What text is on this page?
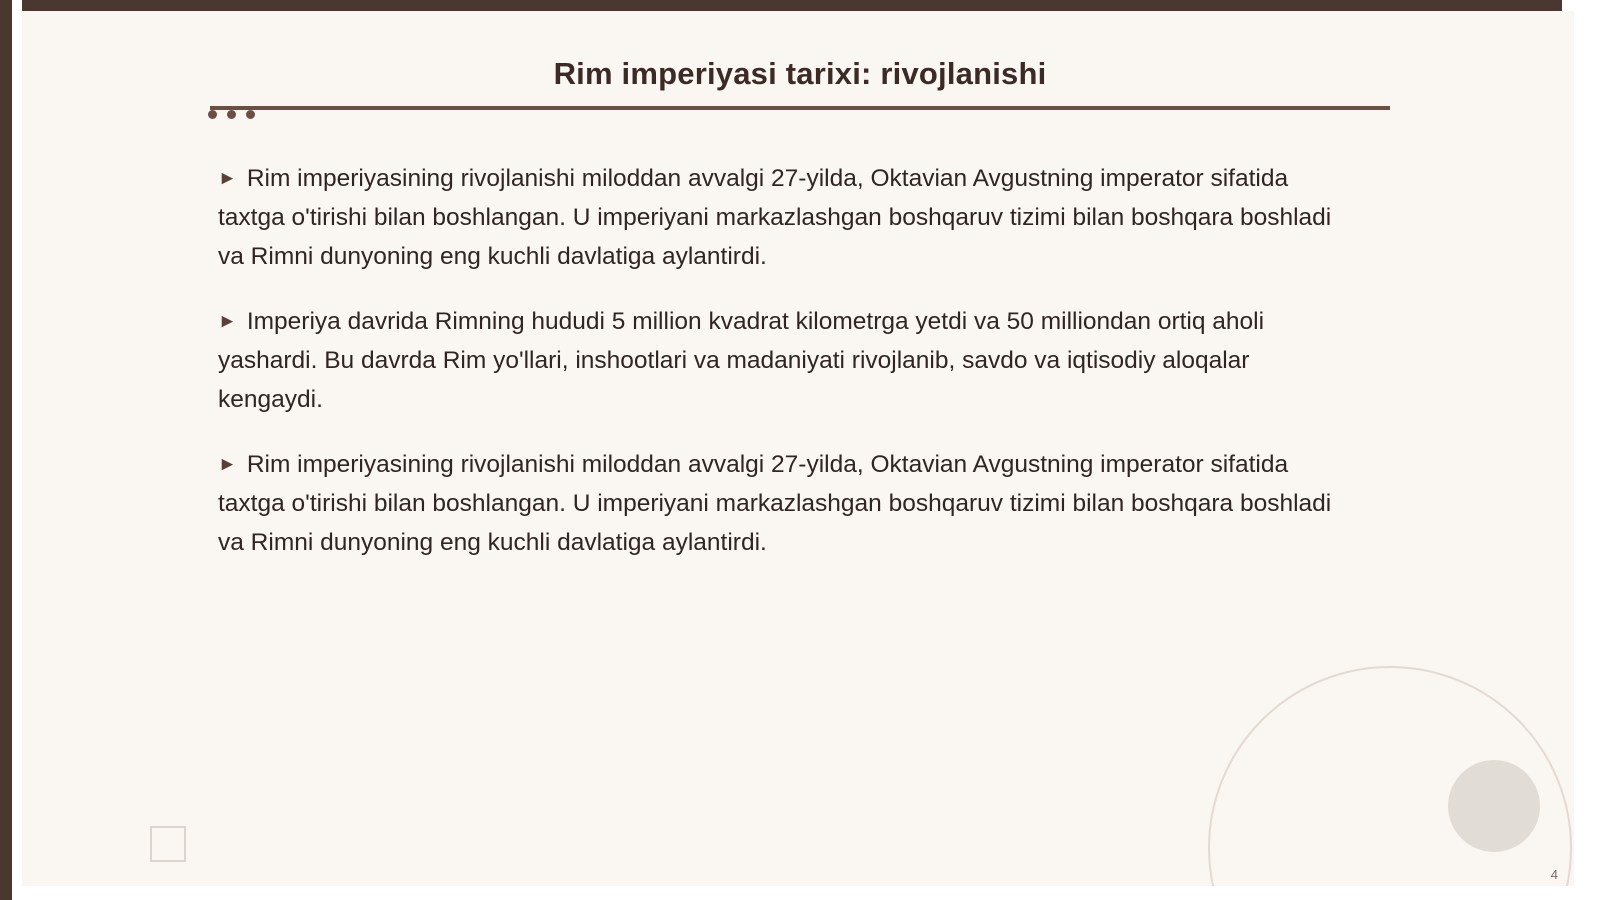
Rim imperiyasi tarixi: rivojlanishi

► Rim imperiyasining rivojlanishi miloddan avvalgi 27-yilda, Oktavian Avgustning imperator sifatida taxtga o'tirishi bilan boshlangan. U imperiyani markazlashgan boshqaruv tizimi bilan boshqara boshladi va Rimni dunyoning eng kuchli davlatiga aylantirdi.

► Imperiya davrida Rimning hududi 5 million kvadrat kilometrga yetdi va 50 milliondan ortiq aholi yashardi. Bu davrda Rim yo'llari, inshootlari va madaniyati rivojlanib, savdo va iqtisodiy aloqalar kengaydi.

► Rim imperiyasining rivojlanishi miloddan avvalgi 27-yilda, Oktavian Avgustning imperator sifatida taxtga o'tirishi bilan boshlangan. U imperiyani markazlashgan boshqaruv tizimi bilan boshqara boshladi va Rimni dunyoning eng kuchli davlatiga aylantirdi.

4
